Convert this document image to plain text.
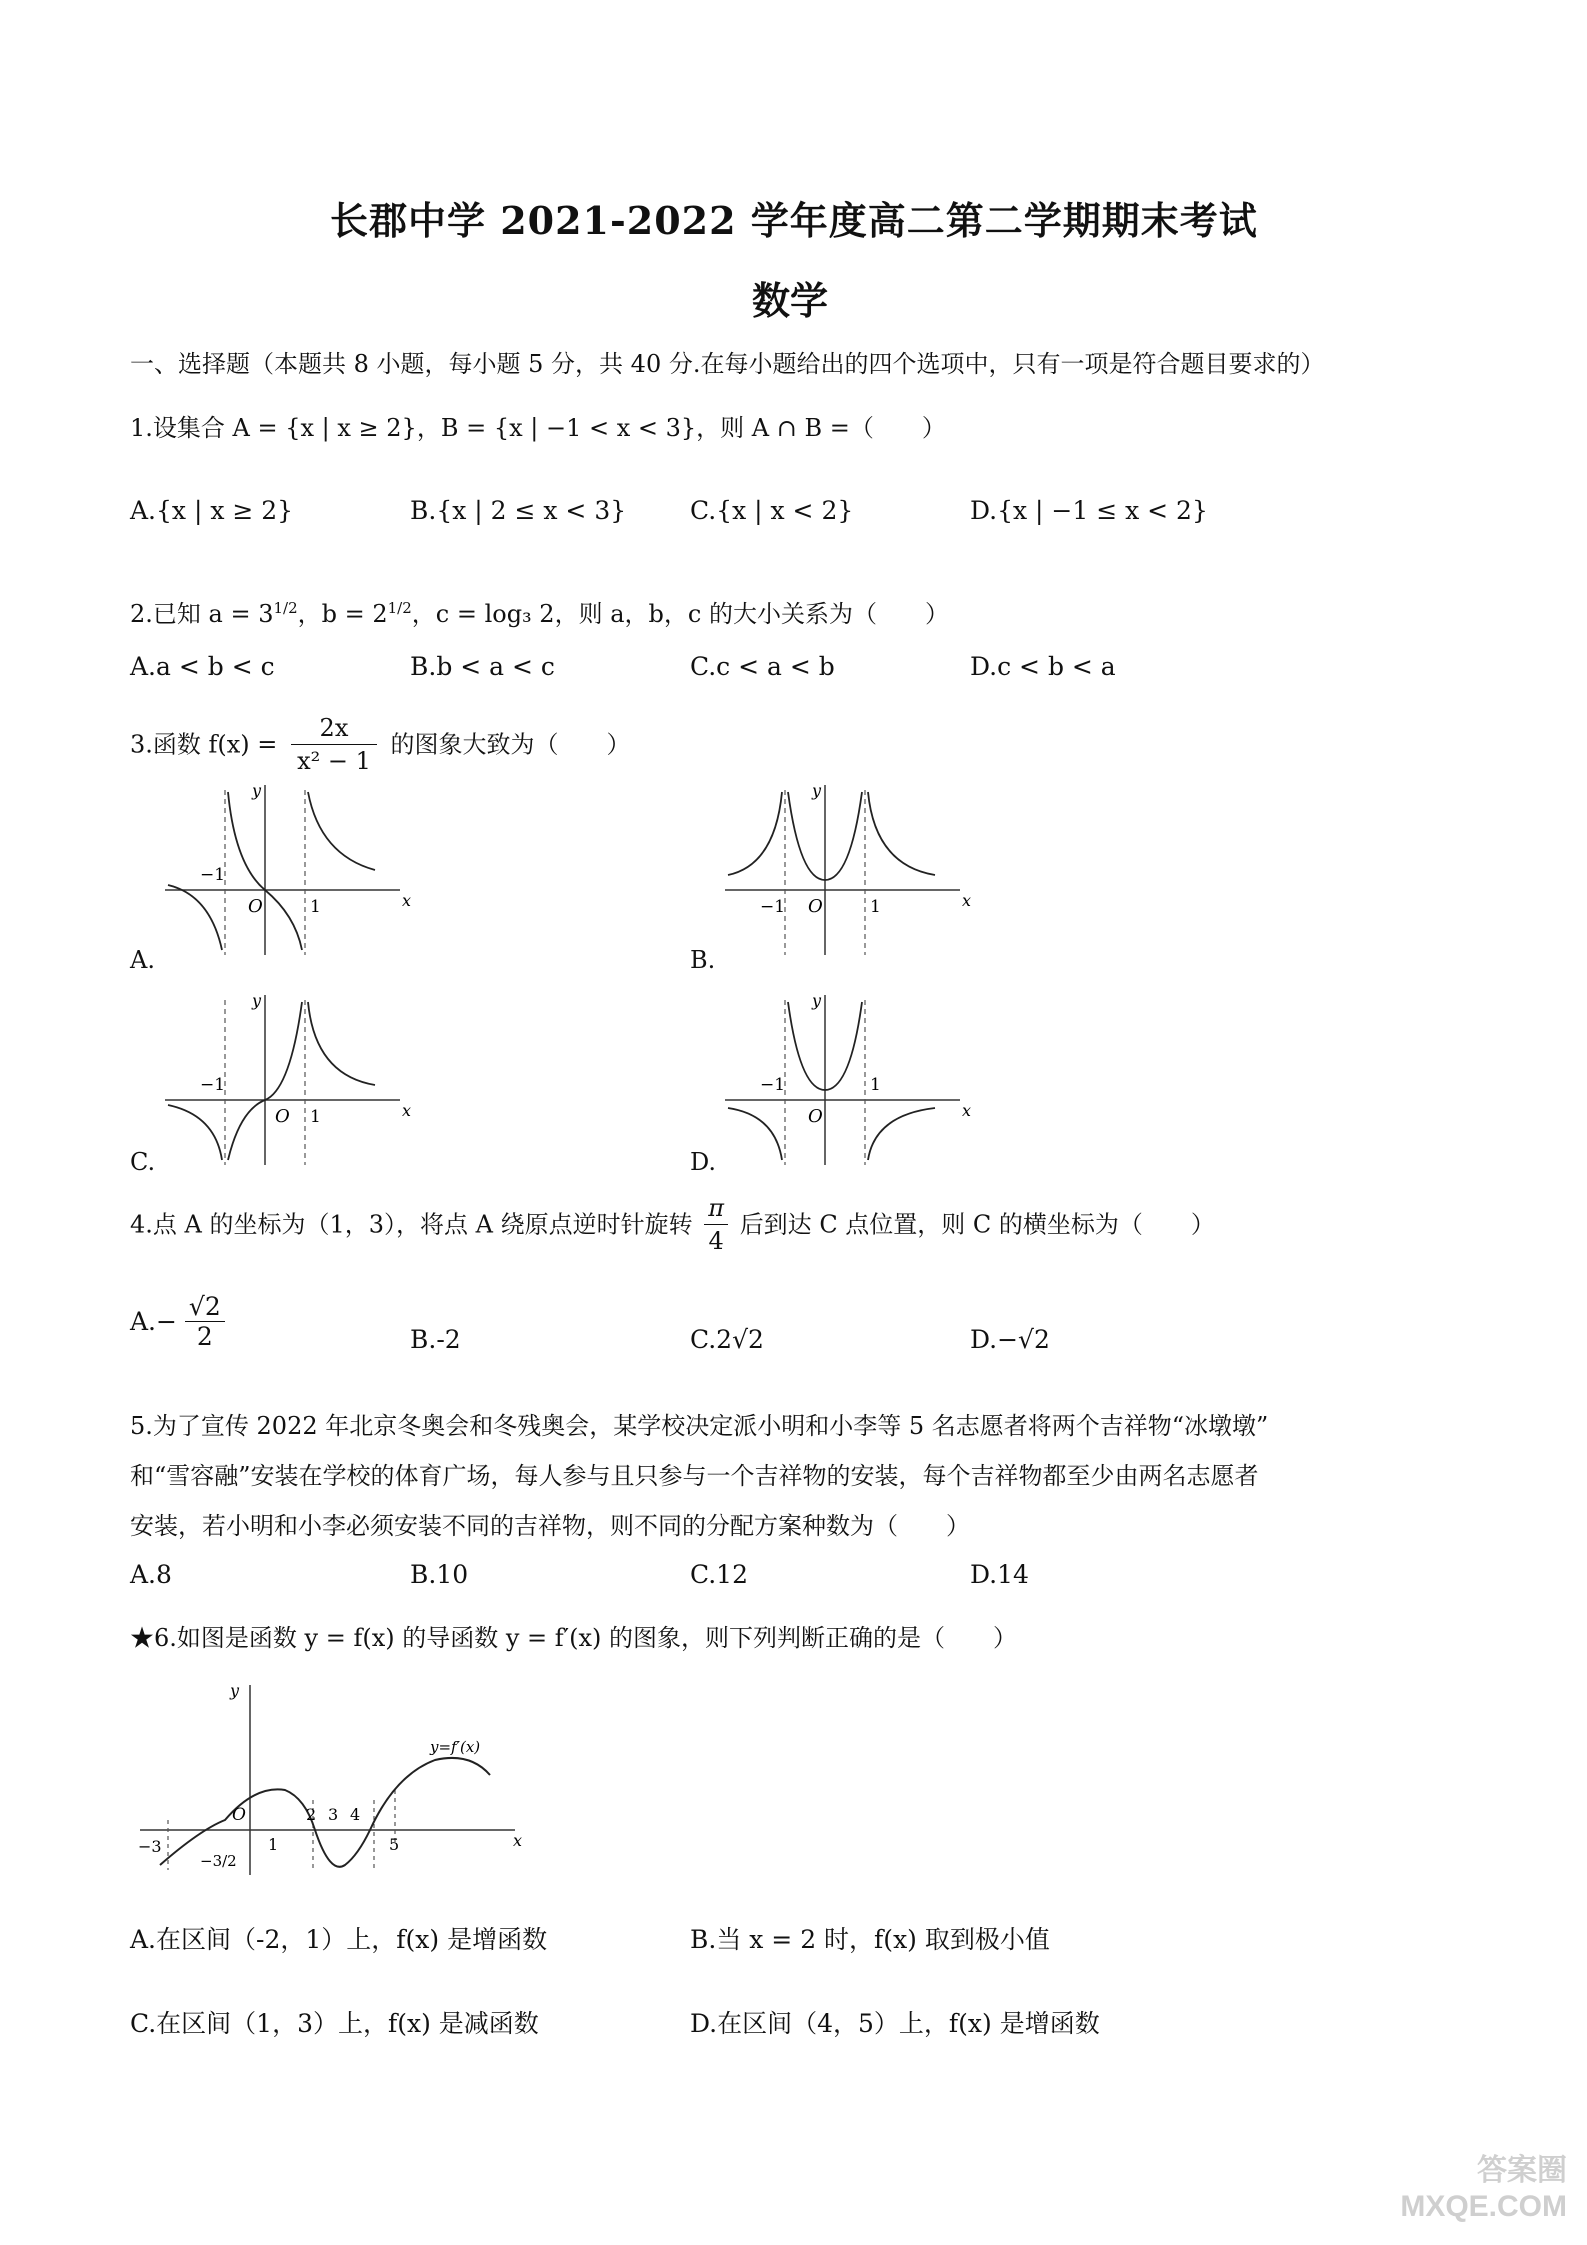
长郡中学 2021-2022 学年度高二第二学期期末考试
数学
一、选择题（本题共 8 小题，每小题 5 分，共 40 分.在每小题给出的四个选项中，只有一项是符合题目要求的）
1.设集合 A = {x | x ≥ 2}，B = {x | −1 < x < 3}，则 A ∩ B =（　　）
A.{x | x ≥ 2}	B.{x | 2 ≤ x < 3}	C.{x | x < 2}	D.{x | −1 ≤ x < 2}
2.已知 $a = 3^{1/2}$，$b = 2^{1/2}$，c = log₃ 2，则 a，b，c 的大小关系为（　　）
A.a < b < c	B.b < a < c	C.c < a < b	D.c < b < a
3.函数 $f(x) = \frac{2x}{\text{x² − 1}}$ 的图象大致为（　　）
x
y
O
−1
1
A.
x
y
O
−1	1
B.
x
y
O
−1
1
C.
x
y
O
−1	1
D.
4.点 A 的坐标为（1，3），将点 A 绕原点逆时针旋转 $\frac{\pi}{4}$ 后到达 C 点位置，则 C 的横坐标为（　　）
$A.- \frac{√2}{2}$	B.-2	C.2√2	D.−√2
5.为了宣传 2022 年北京冬奥会和冬残奥会，某学校决定派小明和小李等 5 名志愿者将两个吉祥物“冰墩墩”
和“雪容融”安装在学校的体育广场，每人参与且只参与一个吉祥物的安装，每个吉祥物都至少由两名志愿者
安装，若小明和小李必须安装不同的吉祥物，则不同的分配方案种数为（　　）
A.8	B.10	C.12	D.14
★6.如图是函数 y = f(x) 的导函数 y = f′(x) 的图象，则下列判断正确的是（　　）
x
y
O
y=f′(x)
−3
−3/2
1
2 3 4
5
A.在区间（-2，1）上，f(x) 是增函数	B.当 x = 2 时，f(x) 取到极小值
C.在区间（1，3）上，f(x) 是减函数	D.在区间（4，5）上，f(x) 是增函数
答案圈
MXQE.COM
